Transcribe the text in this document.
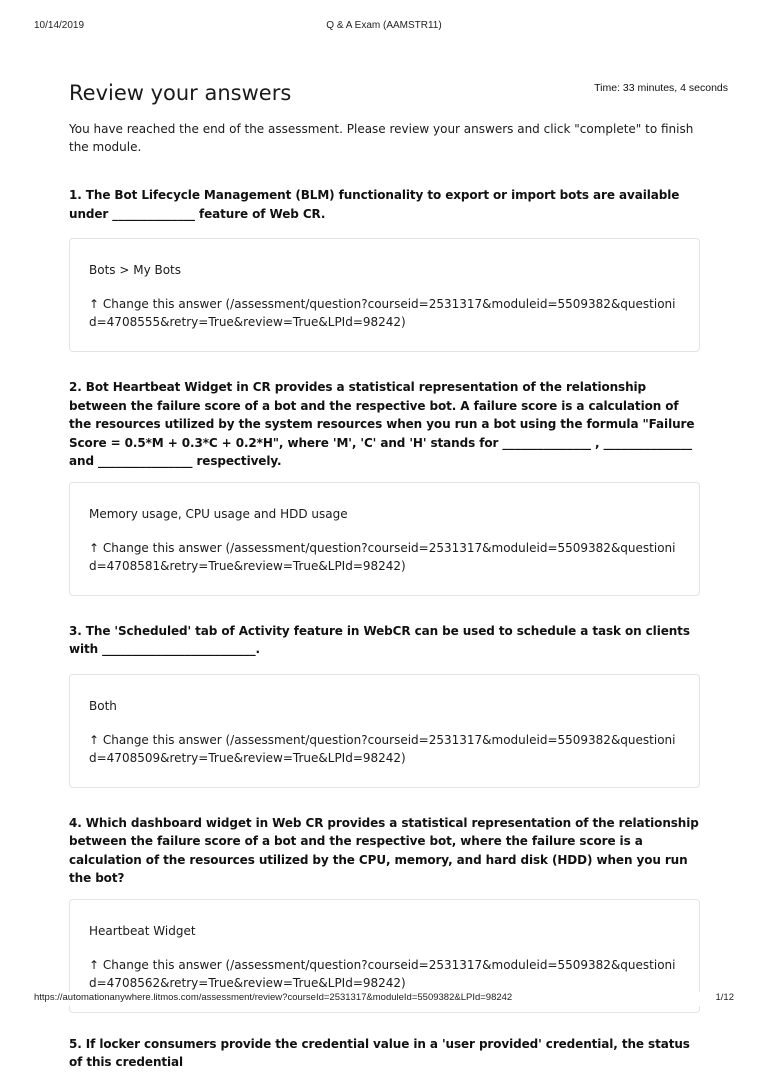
10/14/2019	Q & A Exam (AAMSTR11)
Review your answers	Time: 33 minutes, 4 seconds
You have reached the end of the assessment. Please review your answers and click "complete" to finish the module.
1. The Bot Lifecycle Management (BLM) functionality to export or import bots are available under ______________ feature of Web CR.
Bots > My Bots
↑ Change this answer (/assessment/question?courseid=2531317&moduleid=5509382&questionid=4708555&retry=True&review=True&LPId=98242)
2. Bot Heartbeat Widget in CR provides a statistical representation of the relationship between the failure score of a bot and the respective bot. A failure score is a calculation of the resources utilized by the system resources when you run a bot using the formula "Failure Score = 0.5*M + 0.3*C + 0.2*H", where 'M', 'C' and 'H' stands for _______________ , _______________ and ________________ respectively.
Memory usage, CPU usage and HDD usage
↑ Change this answer (/assessment/question?courseid=2531317&moduleid=5509382&questionid=4708581&retry=True&review=True&LPId=98242)
3. The 'Scheduled' tab of Activity feature in WebCR can be used to schedule a task on clients with __________________________.
Both
↑ Change this answer (/assessment/question?courseid=2531317&moduleid=5509382&questionid=4708509&retry=True&review=True&LPId=98242)
4. Which dashboard widget in Web CR provides a statistical representation of the relationship between the failure score of a bot and the respective bot, where the failure score is a calculation of the resources utilized by the CPU, memory, and hard disk (HDD) when you run the bot?
Heartbeat Widget
↑ Change this answer (/assessment/question?courseid=2531317&moduleid=5509382&questionid=4708562&retry=True&review=True&LPId=98242)
5. If locker consumers provide the credential value in a 'user provided' credential, the status of this credential
https://automationanywhere.litmos.com/assessment/review?courseId=2531317&moduleId=5509382&LPId=98242	1/12
